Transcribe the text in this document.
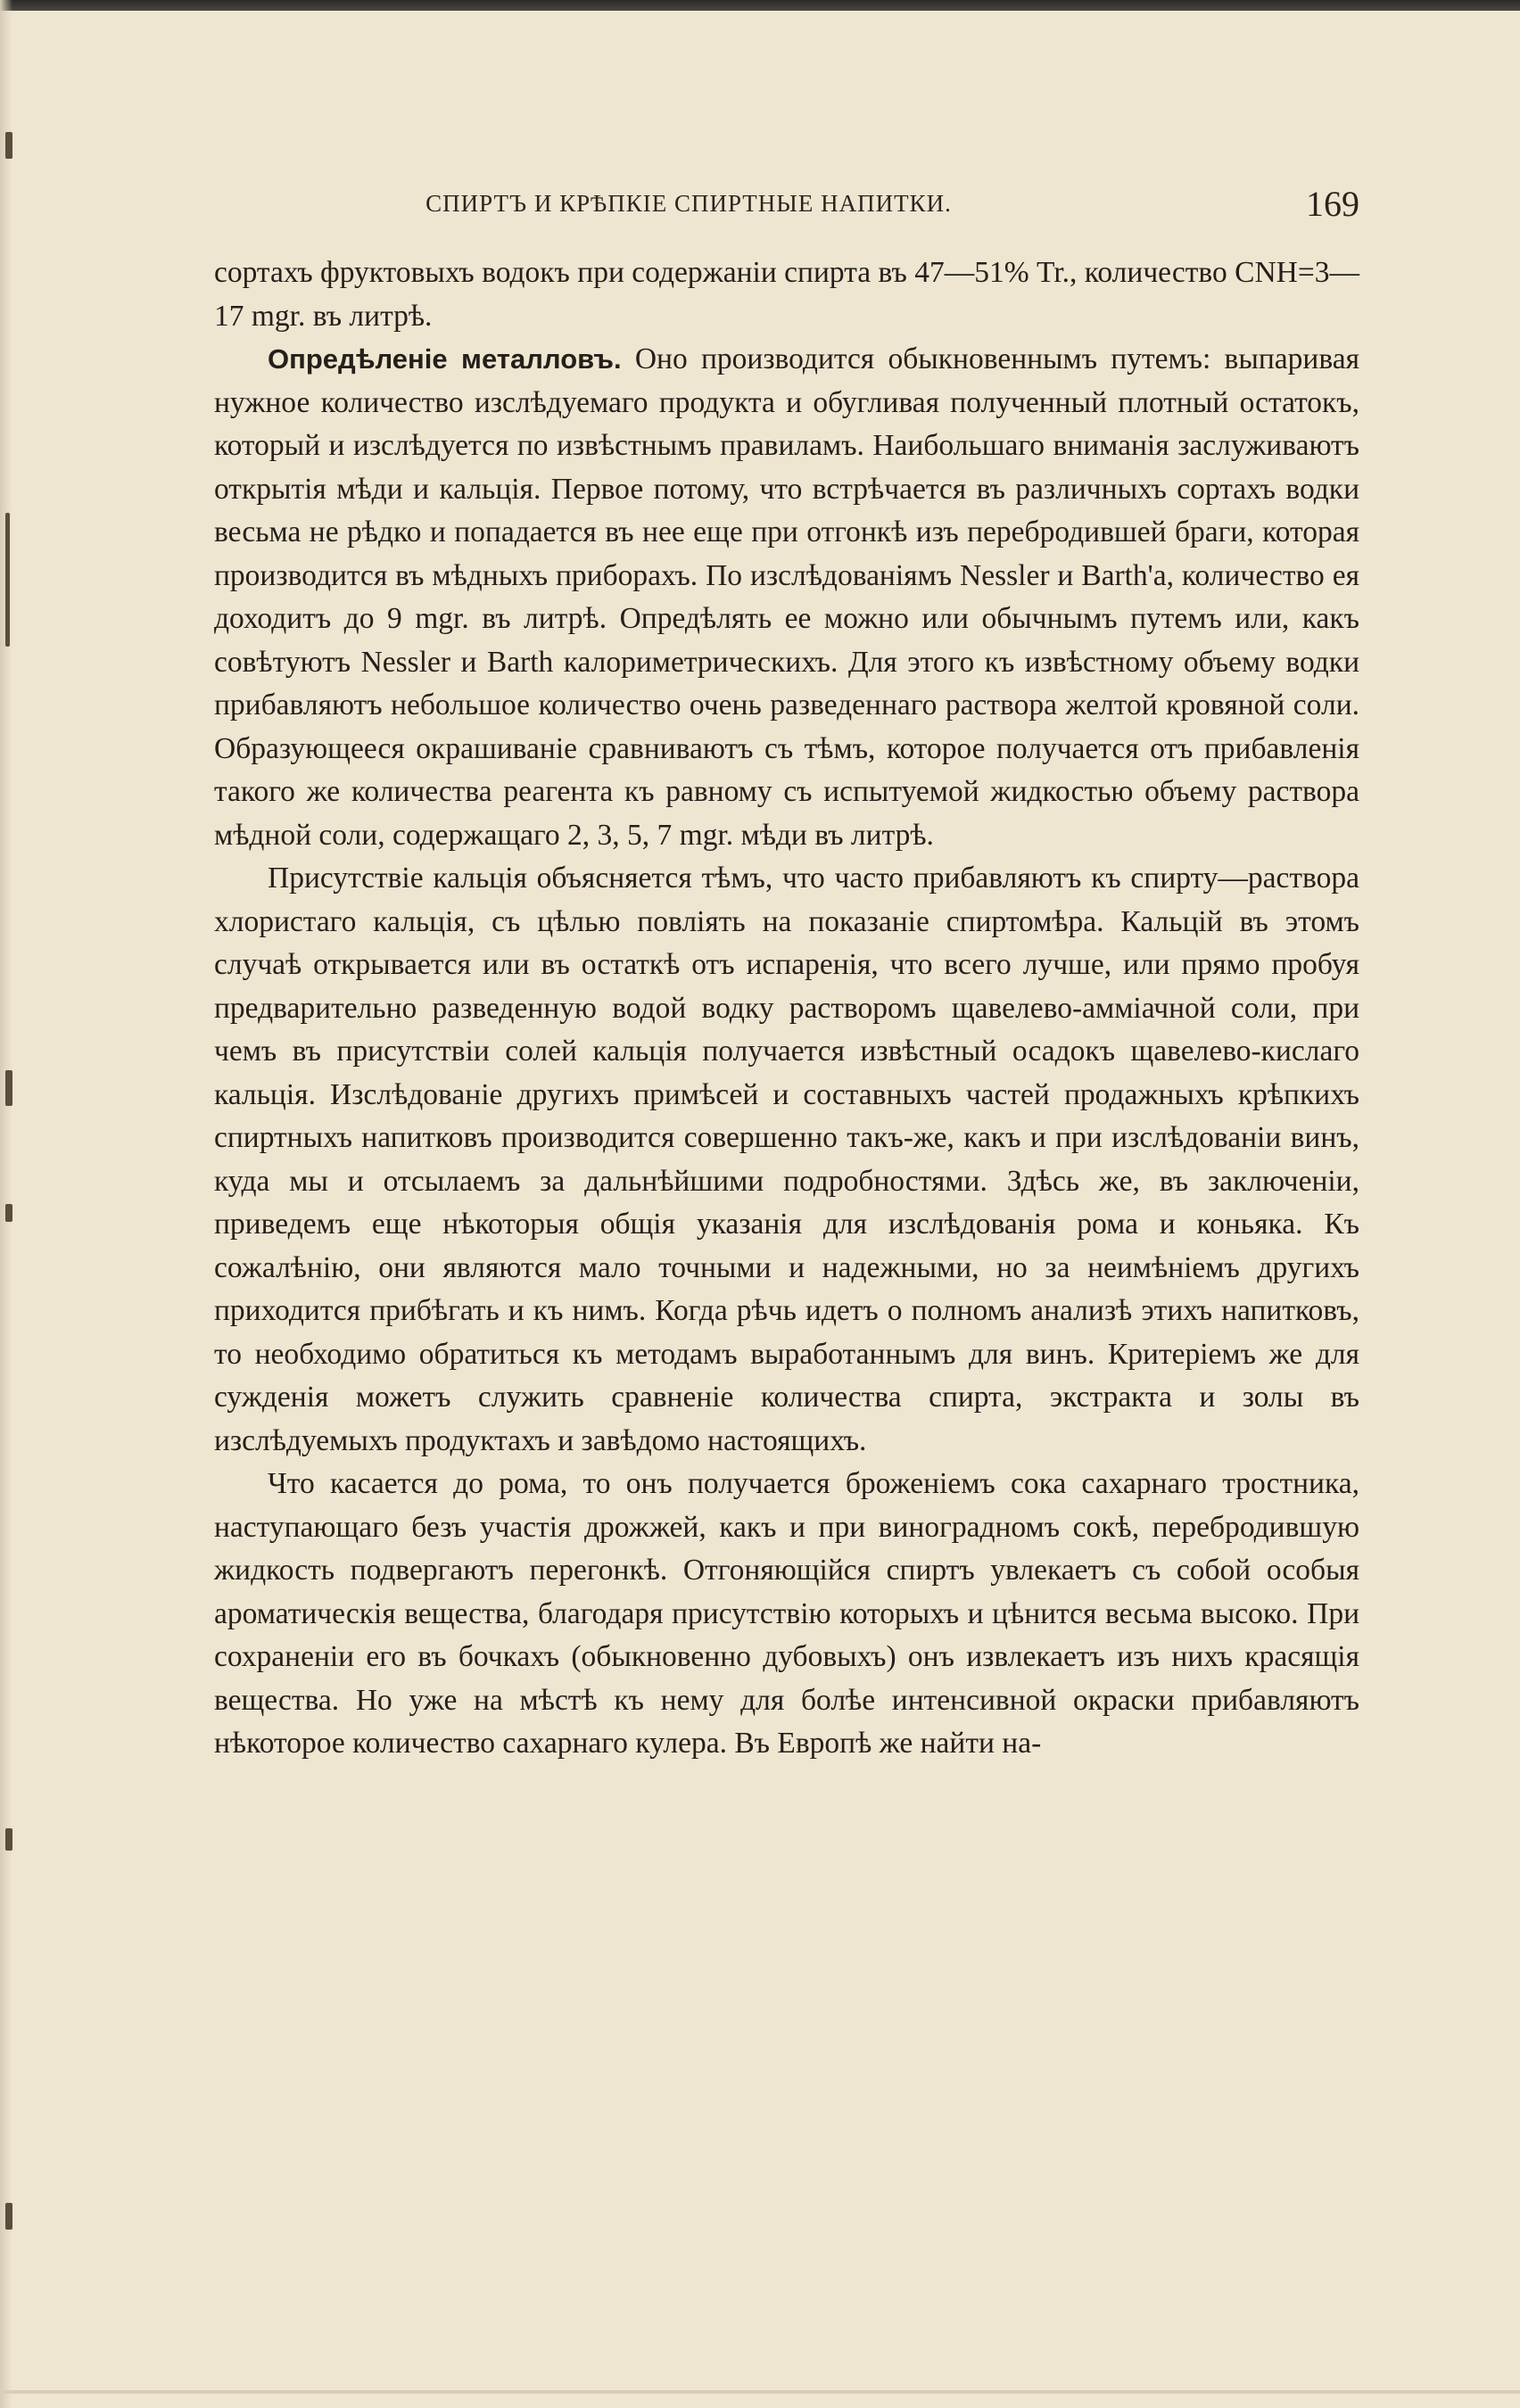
СПИРТЪ И КРѢПКІЕ СПИРТНЫЕ НАПИТКИ.	169

сортахъ фруктовыхъ водокъ при содержаніи спирта въ 47—51% Tr., количество CNH=3—17 mgr. въ литрѣ.

Опредѣленіе металловъ. Оно производится обыкновеннымъ путемъ: выпаривая нужное количество изслѣдуемаго продукта и обугливая полученный плотный остатокъ, который и изслѣдуется по извѣстнымъ правиламъ. Наибольшаго вниманія заслуживаютъ открытія мѣди и кальція. Первое потому, что встрѣчается въ различныхъ сортахъ водки весьма не рѣдко и попадается въ нее еще при отгонкѣ изъ перебродившей браги, которая производится въ мѣдныхъ приборахъ. По изслѣдованіямъ Nessler и Barth'a, количество ея доходитъ до 9 mgr. въ литрѣ. Опредѣлять ее можно или обычнымъ путемъ или, какъ совѣтуютъ Nessler и Barth калориметрическихъ. Для этого къ извѣстному объему водки прибавляютъ небольшое количество очень разведеннаго раствора желтой кровяной соли. Образующееся окрашиваніе сравниваютъ съ тѣмъ, которое получается отъ прибавленія такого же количества реагента къ равному съ испытуемой жидкостью объему раствора мѣдной соли, содержащаго 2, 3, 5, 7 mgr. мѣди въ литрѣ.

Присутствіе кальція объясняется тѣмъ, что часто прибавляютъ къ спирту—раствора хлористаго кальція, съ цѣлью повліять на показаніе спиртомѣра. Кальцій въ этомъ случаѣ открывается или въ остаткѣ отъ испаренія, что всего лучше, или прямо пробуя предварительно разведенную водой водку растворомъ щавелево-амміачной соли, при чемъ въ присутствіи солей кальція получается извѣстный осадокъ щавелево-кислаго кальція. Изслѣдованіе другихъ примѣсей и составныхъ частей продажныхъ крѣпкихъ спиртныхъ напитковъ производится совершенно такъ-же, какъ и при изслѣдованіи винъ, куда мы и отсылаемъ за дальнѣйшими подробностями. Здѣсь же, въ заключеніи, приведемъ еще нѣкоторыя общія указанія для изслѣдованія рома и коньяка. Къ сожалѣнію, они являются мало точными и надежными, но за неимѣніемъ другихъ приходится прибѣгать и къ нимъ. Когда рѣчь идетъ о полномъ анализѣ этихъ напитковъ, то необходимо обратиться къ методамъ выработаннымъ для винъ. Критеріемъ же для сужденія можетъ служить сравненіе количества спирта, экстракта и золы въ изслѣдуемыхъ продуктахъ и завѣдомо настоящихъ.

Что касается до рома, то онъ получается броженіемъ сока сахарнаго тростника, наступающаго безъ участія дрожжей, какъ и при виноградномъ сокѣ, перебродившую жидкость подвергаютъ перегонкѣ. Отгоняющійся спиртъ увлекаетъ съ собой особыя ароматическія вещества, благодаря присутствію которыхъ и цѣнится весьма высоко. При сохраненіи его въ бочкахъ (обыкновенно дубовыхъ) онъ извлекаетъ изъ нихъ красящія вещества. Но уже на мѣстѣ къ нему для болѣе интенсивной окраски прибавляютъ нѣкоторое количество сахарнаго кулера. Въ Европѣ же найти на-
